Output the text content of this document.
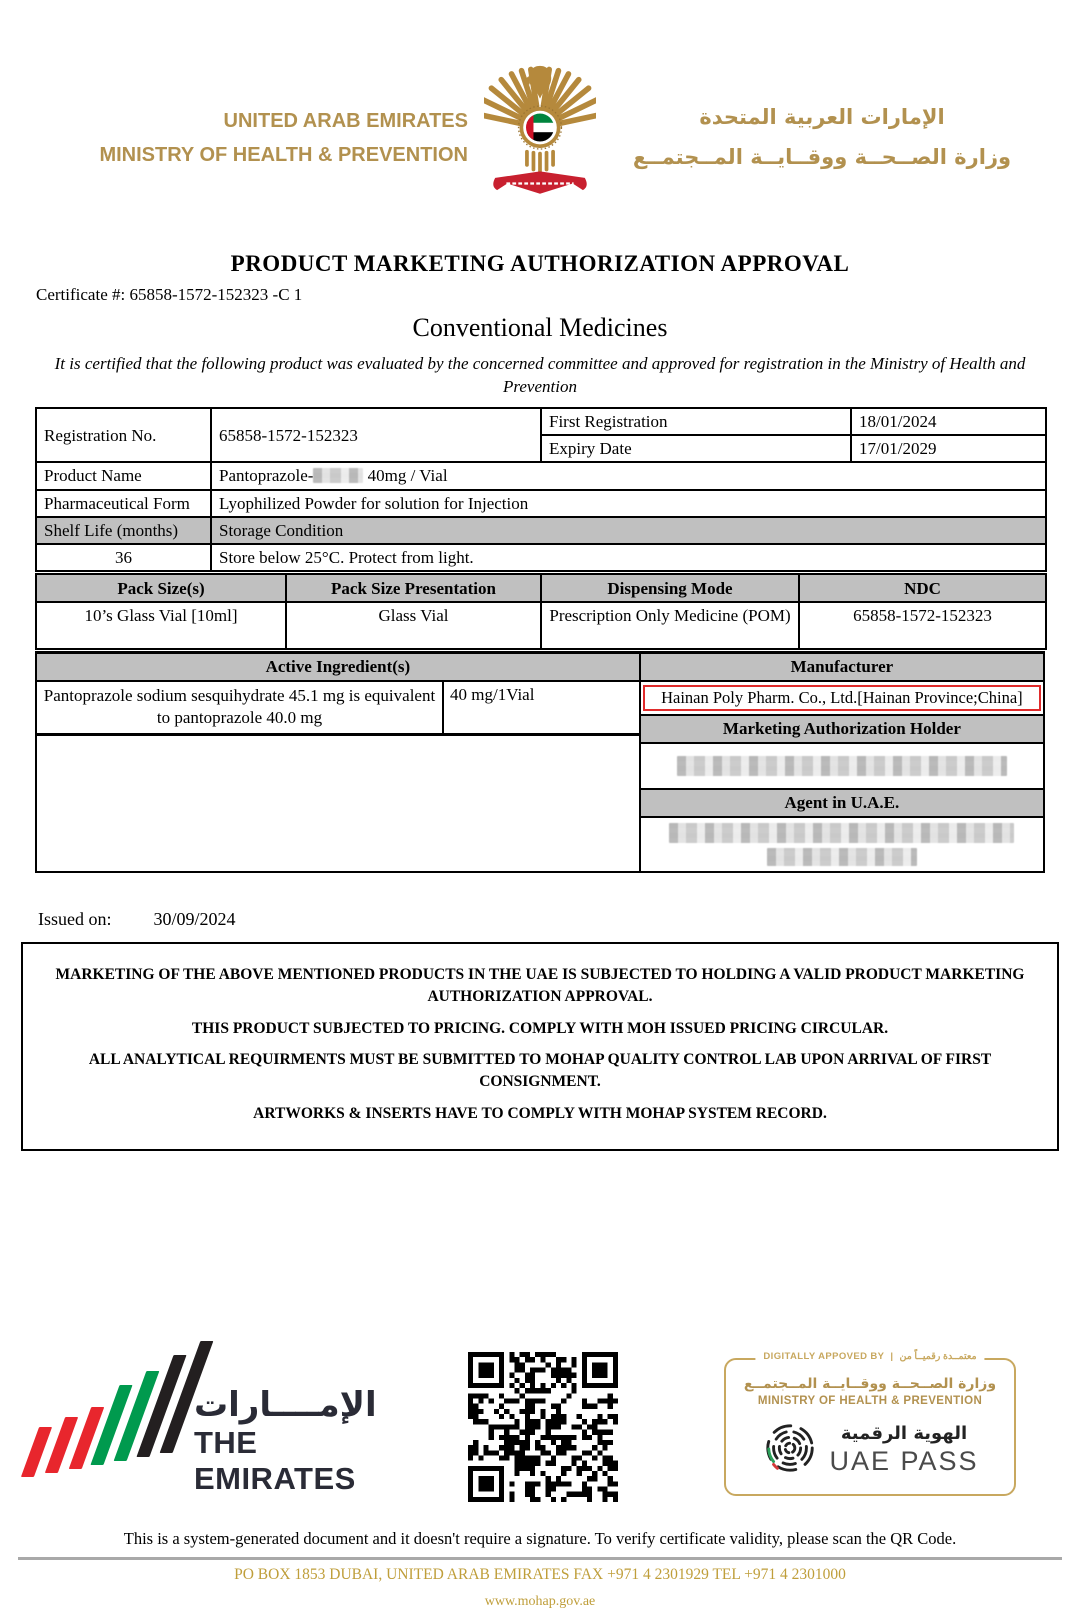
UNITED ARAB EMIRATES
MINISTRY OF HEALTH & PREVENTION
الإمارات العربية المتحدة
وزارة الصــحــة ووقــايــة المــجتمــع
PRODUCT MARKETING AUTHORIZATION APPROVAL
Certificate #: 65858-1572-152323 -C 1
Conventional Medicines
It is certified that the following product was evaluated by the concerned committee and approved for registration in the Ministry of Health and Prevention
Registration No.	65858-1572-152323	First Registration	18/01/2024
		Expiry Date	17/01/2029
Product Name	Pantoprazole- 40mg / Vial		
Pharmaceutical Form	Lyophilized Powder for solution for Injection		
Shelf Life (months)	Storage Condition		
36	Store below 25°C. Protect from light.		
Pack Size(s)	Pack Size Presentation	Dispensing Mode	NDC
10’s Glass Vial [10ml]	Glass Vial	Prescription Only Medicine (POM)	65858-1572-152323
Active Ingredient(s)
Pantoprazole sodium sesquihydrate 45.1 mg is equivalent to pantoprazole 40.0 mg
40 mg/1Vial
Manufacturer
Hainan Poly Pharm. Co., Ltd.[Hainan Province;China]
Marketing Authorization Holder
Agent in U.A.E.
Issued on: 30/09/2024

MARKETING OF THE ABOVE MENTIONED PRODUCTS IN THE UAE IS SUBJECTED TO HOLDING A VALID PRODUCT MARKETING AUTHORIZATION APPROVAL.

THIS PRODUCT SUBJECTED TO PRICING. COMPLY WITH MOH ISSUED PRICING CIRCULAR.

ALL ANALYTICAL REQUIRMENTS MUST BE SUBMITTED TO MOHAP QUALITY CONTROL LAB UPON ARRIVAL OF FIRST CONSIGNMENT.

ARTWORKS & INSERTS HAVE TO COMPLY WITH MOHAP SYSTEM RECORD.

الإمــــارات
THE EMIRATES
DIGITALLY APPOVED BY | معتمــدة رقميــاً من
وزارة الصــحــة ووقــايــة المــجتمــع
MINISTRY OF HEALTH & PREVENTION
الهوية الرقمية
UAE PASS
This is a system-generated document and it doesn't require a signature. To verify certificate validity, please scan the QR Code.
PO BOX 1853 DUBAI, UNITED ARAB EMIRATES FAX +971 4 2301929 TEL +971 4 2301000
www.mohap.gov.ae
